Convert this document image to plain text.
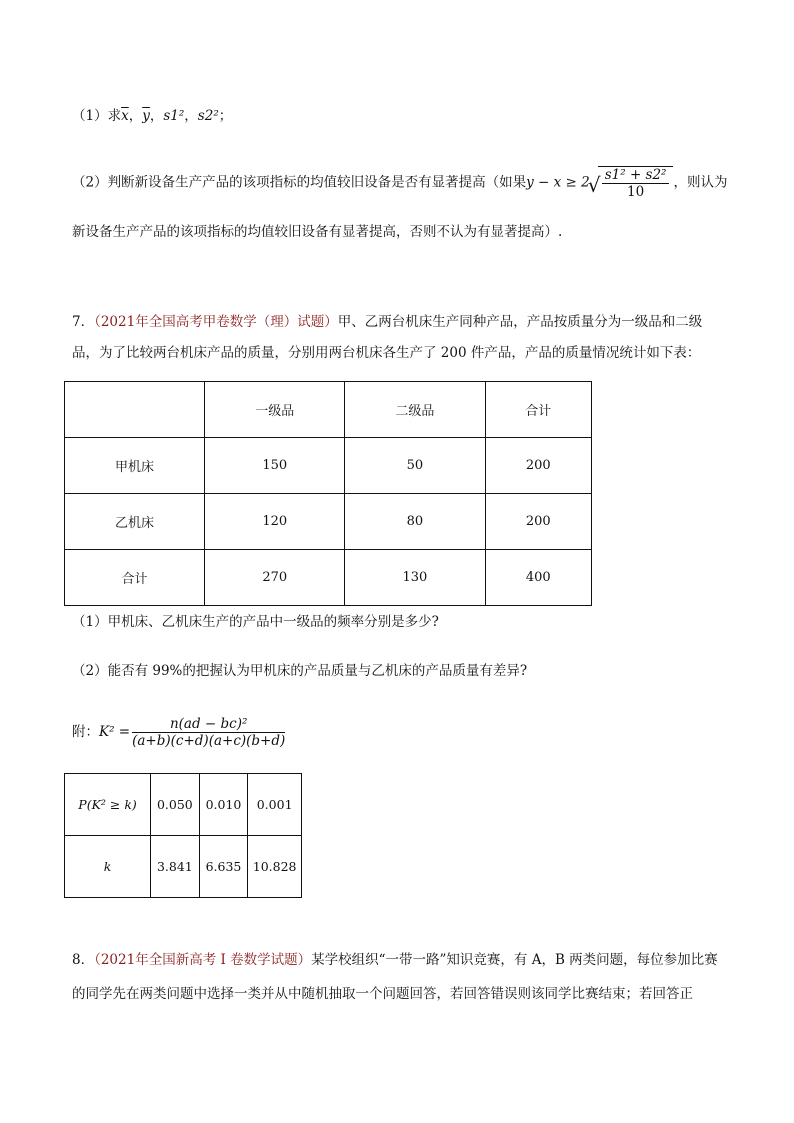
（1）求$\overline{x}$，$\overline{y}$，s1²，s2²；
（2）判断新设备生产产品的该项指标的均值较旧设备是否有显著提高（如果y − x ≥ 2 √ $\frac{\text{s1² + s2²}}{10}$ ，则认为
新设备生产产品的该项指标的均值较旧设备有显著提高，否则不认为有显著提高）.
7．（2021年全国高考甲卷数学（理）试题）甲、乙两台机床生产同种产品，产品按质量分为一级品和二级
品，为了比较两台机床产品的质量，分别用两台机床各生产了 200 件产品，产品的质量情况统计如下表：
	一级品	二级品	合计
甲机床	150	50	200
乙机床	120	80	200
合计	270	130	400
（1）甲机床、乙机床生产的产品中一级品的频率分别是多少?
（2）能否有 99%的把握认为甲机床的产品质量与乙机床的产品质量有差异?
附：$K^2 = \frac{\text{n(ad − bc)²}}{(a+b)(c+d)(a+c)(b+d)}$
P(K² ≥ k)	0.050	0.010	0.001
k	3.841	6.635	10.828
8．（2021年全国新高考 I 卷数学试题）某学校组织“一带一路”知识竞赛，有 A，B 两类问题，每位参加比赛
的同学先在两类问题中选择一类并从中随机抽取一个问题回答，若回答错误则该同学比赛结束；若回答正
